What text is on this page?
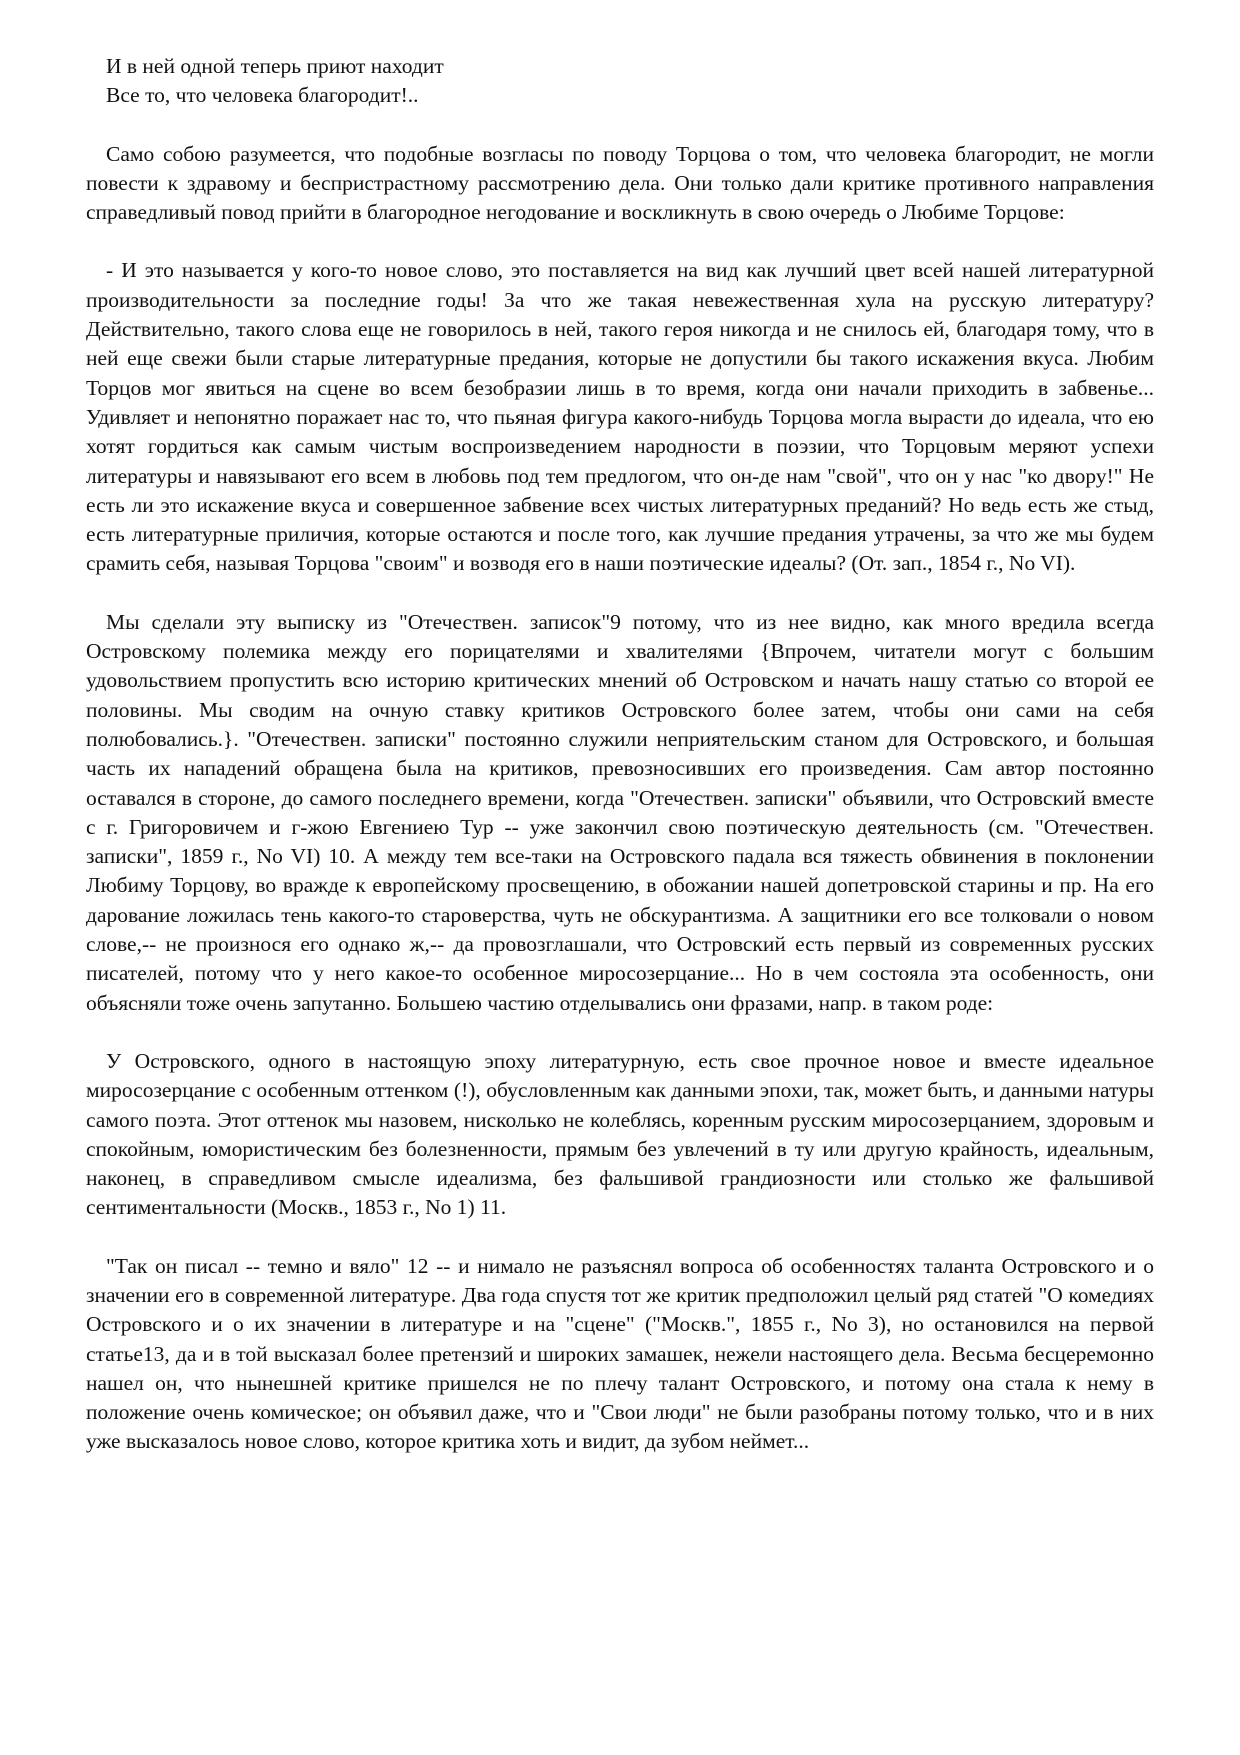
И в ней одной теперь приют находит
Все то, что человека благородит!..

Само собою разумеется, что подобные возгласы по поводу Торцова о том, что человека благородит, не могли повести к здравому и беспристрастному рассмотрению дела. Они только дали критике противного направления справедливый повод прийти в благородное негодование и воскликнуть в свою очередь о Любиме Торцове:

- И это называется у кого-то новое слово, это поставляется на вид как лучший цвет всей нашей литературной производительности за последние годы! За что же такая невежественная хула на русскую литературу? Действительно, такого слова еще не говорилось в ней, такого героя никогда и не снилось ей, благодаря тому, что в ней еще свежи были старые литературные предания, которые не допустили бы такого искажения вкуса. Любим Торцов мог явиться на сцене во всем безобразии лишь в то время, когда они начали приходить в забвенье... Удивляет и непонятно поражает нас то, что пьяная фигура какого-нибудь Торцова могла вырасти до идеала, что ею хотят гордиться как самым чистым воспроизведением народности в поэзии, что Торцовым меряют успехи литературы и навязывают его всем в любовь под тем предлогом, что он-де нам "свой", что он у нас "ко двору!" Не есть ли это искажение вкуса и совершенное забвение всех чистых литературных преданий? Но ведь есть же стыд, есть литературные приличия, которые остаются и после того, как лучшие предания утрачены, за что же мы будем срамить себя, называя Торцова "своим" и возводя его в наши поэтические идеалы? (От. зап., 1854 г., No VI).

Мы сделали эту выписку из "Отечествен. записок"9 потому, что из нее видно, как много вредила всегда Островскому полемика между его порицателями и хвалителями {Впрочем, читатели могут с большим удовольствием пропустить всю историю критических мнений об Островском и начать нашу статью со второй ее половины. Мы сводим на очную ставку критиков Островского более затем, чтобы они сами на себя полюбовались.}. "Отечествен. записки" постоянно служили неприятельским станом для Островского, и большая часть их нападений обращена была на критиков, превозносивших его произведения. Сам автор постоянно оставался в стороне, до самого последнего времени, когда "Отечествен. записки" объявили, что Островский вместе с г. Григоровичем и г-жою Евгениею Тур -- уже закончил свою поэтическую деятельность (см. "Отечествен. записки", 1859 г., No VI) 10. А между тем все-таки на Островского падала вся тяжесть обвинения в поклонении Любиму Торцову, во вражде к европейскому просвещению, в обожании нашей допетровской старины и пр. На его дарование ложилась тень какого-то староверства, чуть не обскурантизма. А защитники его все толковали о новом слове,-- не произнося его однако ж,-- да провозглашали, что Островский есть первый из современных русских писателей, потому что у него какое-то особенное миросозерцание... Но в чем состояла эта особенность, они объясняли тоже очень запутанно. Большею частию отделывались они фразами, напр. в таком роде:

У Островского, одного в настоящую эпоху литературную, есть свое прочное новое и вместе идеальное миросозерцание с особенным оттенком (!), обусловленным как данными эпохи, так, может быть, и данными натуры самого поэта. Этот оттенок мы назовем, нисколько не колеблясь, коренным русским миросозерцанием, здоровым и спокойным, юмористическим без болезненности, прямым без увлечений в ту или другую крайность, идеальным, наконец, в справедливом смысле идеализма, без фальшивой грандиозности или столько же фальшивой сентиментальности (Москв., 1853 г., No 1) 11.

"Так он писал -- темно и вяло" 12 -- и нимало не разъяснял вопроса об особенностях таланта Островского и о значении его в современной литературе. Два года спустя тот же критик предположил целый ряд статей "О комедиях Островского и о их значении в литературе и на "сцене" ("Москв.", 1855 г., No 3), но остановился на первой статье13, да и в той высказал более претензий и широких замашек, нежели настоящего дела. Весьма бесцеремонно нашел он, что нынешней критике пришелся не по плечу талант Островского, и потому она стала к нему в положение очень комическое; он объявил даже, что и "Свои люди" не были разобраны потому только, что и в них уже высказалось новое слово, которое критика хоть и видит, да зубом неймет...
